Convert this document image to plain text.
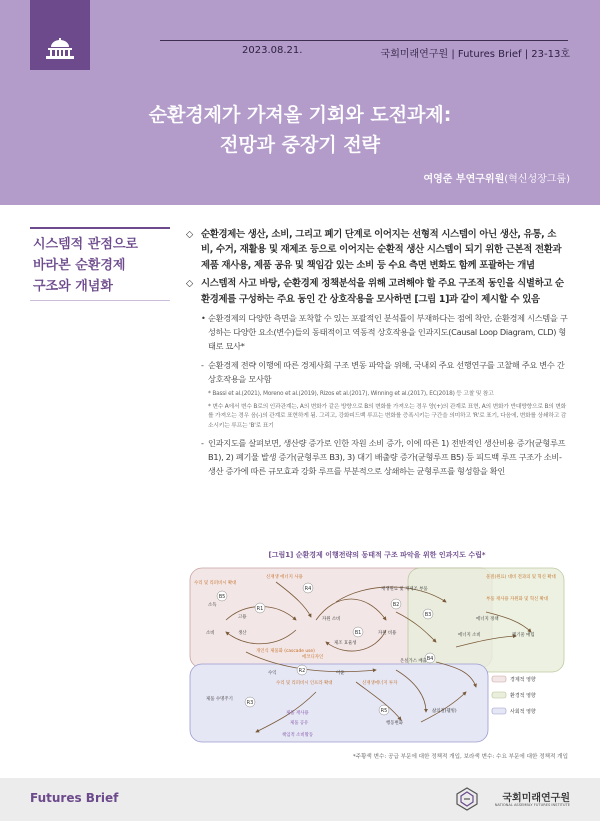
2023.08.21.	국회미래연구원 | Futures Brief | 23-13호
순환경제가 가져올 기회와 도전과제:
전망과 중장기 전략
여영준 부연구위원(혁신성장그룹)
시스템적 관점으로
바라본 순환경제
구조와 개념화
◇ 순환경제는 생산, 소비, 그리고 폐기 단계로 이어지는 선형적 시스템이 아닌 생산, 유통, 소비, 수거, 재활용 및 재제조 등으로 이어지는 순환적 생산 시스템이 되기 위한 근본적 전환과 제품 재사용, 제품 공유 및 책임감 있는 소비 등 수요 측면 변화도 함께 포괄하는 개념
◇ 시스템적 사고 바탕, 순환경제 정책분석을 위해 고려해야 할 주요 구조적 동인을 식별하고 순환경제를 구성하는 주요 동인 간 상호작용을 모사하면 [그림 1]과 같이 제시할 수 있음
• 순환경제의 다양한 측면을 포착할 수 있는 포괄적인 분석틀이 부재하다는 점에 착안, 순환경제 시스템을 구성하는 다양한 요소(변수)들의 동태적이고 역동적 상호작용을 인과지도(Causal Loop Diagram, CLD) 형태로 묘사*
- 순환경제 전략 이행에 따른 경제사회 구조 변동 파악을 위해, 국내외 주요 선행연구를 고찰해 주요 변수 간 상호작용을 모사함
* Bassi et al.(2021), Moreno et al.(2019), Rizos et al.(2017), Winning et al.(2017), EC(2018) 등 고찰 및 참고
* 변수 A에서 변수 B로의 인과관계는, A의 변화가 같은 방향으로 B의 변화를 가져오는 경우 양(+)의 관계로 표현, A의 변화가 반대방향으로 B의 변화를 가져오는 경우 음(-)의 관계로 표현하게 됨. 그리고, 강화피드백 루프는 변화를 증폭시키는 구간을 의미하고 'R'로 표기, 다음에, 변화를 상쇄하고 감소시키는 루프는 'B'로 표기
- 인과지도를 살펴보면, 생산량 증가로 인한 자원 소비 증가, 이에 따른 1) 전반적인 생산비용 증가(균형루프 B1), 2) 폐기물 발생 증가(균형루프 B3), 3) 대기 배출량 증가(균형루프 B5) 등 피드백 루프 구조가 소비-생산 증가에 따른 규모효과 강화 루프를 부분적으로 상쇄하는 균형루프를 형성함을 확인
[그림1] 순환경제 이행전략의 동태적 구조 파악을 위한 인과지도 수립*
R1
R2
R3
R4
R5
B1
B2
B3
B4
B5
수리 및 리퍼비시 확대
신재생 에너지 사용
소득
고용	자원 소비
재생원료 및 재제조 부품
물질(원료) 대비 전과의 및 혁신 확대
부품 재사용 자원화 및 혁신 확대
에너지 정책
소비	생산	자원 비용
제조 효율성
에너지 소비	폐기물 매립
개인식 제품화 (cascade use)
에코디자인
온실가스 배출
수익	이윤
수리 및 리퍼비시 인프라 확대	신재생에너지 투자
제품 수명주기
제품 재사용
제품 공유
책임적 소비활동
행동변화
삶의질(웰빙)
경제적 영향
환경적 영향
사회적 영향
*주황색 변수: 공급 부문에 대한 정책적 개입, 보라색 변수: 수요 부문에 대한 정책적 개입
Futures Brief	국회미래연구원
NATIONAL ASSEMBLY FUTURES INSTITUTE
